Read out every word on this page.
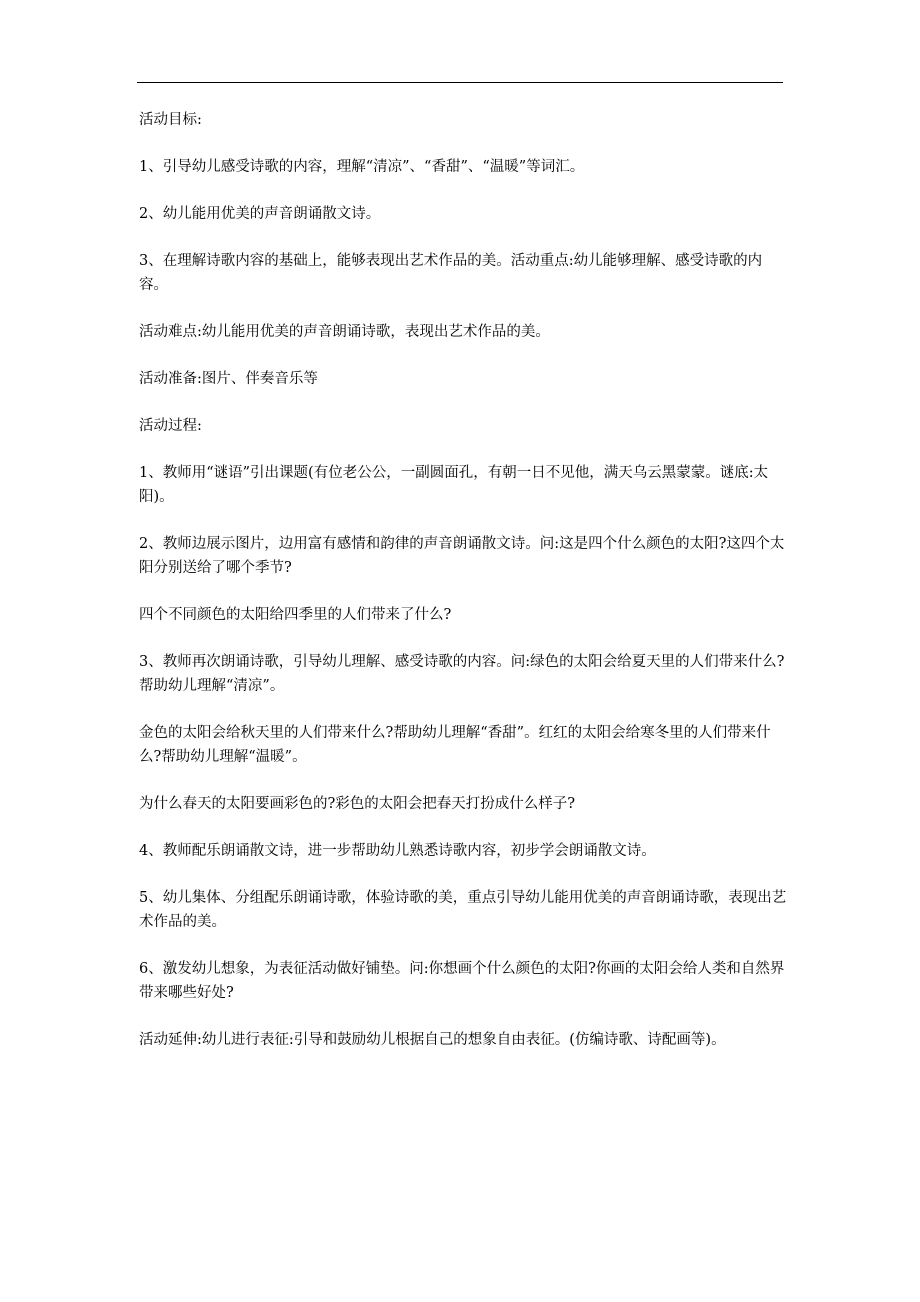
活动目标:

1、引导幼儿感受诗歌的内容，理解“清凉”、“香甜”、“温暖”等词汇。

2、幼儿能用优美的声音朗诵散文诗。

3、在理解诗歌内容的基础上，能够表现出艺术作品的美。活动重点:幼儿能够理解、感受诗歌的内容。

活动难点:幼儿能用优美的声音朗诵诗歌，表现出艺术作品的美。

活动准备:图片、伴奏音乐等

活动过程:

1、教师用“谜语”引出课题(有位老公公，一副圆面孔，有朝一日不见他，满天乌云黑蒙蒙。谜底:太阳)。

2、教师边展示图片，边用富有感情和韵律的声音朗诵散文诗。问:这是四个什么颜色的太阳?这四个太阳分别送给了哪个季节?

四个不同颜色的太阳给四季里的人们带来了什么?

3、教师再次朗诵诗歌，引导幼儿理解、感受诗歌的内容。问:绿色的太阳会给夏天里的人们带来什么?帮助幼儿理解“清凉”。

金色的太阳会给秋天里的人们带来什么?帮助幼儿理解“香甜”。红红的太阳会给寒冬里的人们带来什么?帮助幼儿理解“温暖”。

为什么春天的太阳要画彩色的?彩色的太阳会把春天打扮成什么样子?

4、教师配乐朗诵散文诗，进一步帮助幼儿熟悉诗歌内容，初步学会朗诵散文诗。

5、幼儿集体、分组配乐朗诵诗歌，体验诗歌的美，重点引导幼儿能用优美的声音朗诵诗歌，表现出艺术作品的美。

6、激发幼儿想象，为表征活动做好铺垫。问:你想画个什么颜色的太阳?你画的太阳会给人类和自然界带来哪些好处?

活动延伸:幼儿进行表征:引导和鼓励幼儿根据自己的想象自由表征。(仿编诗歌、诗配画等)。
